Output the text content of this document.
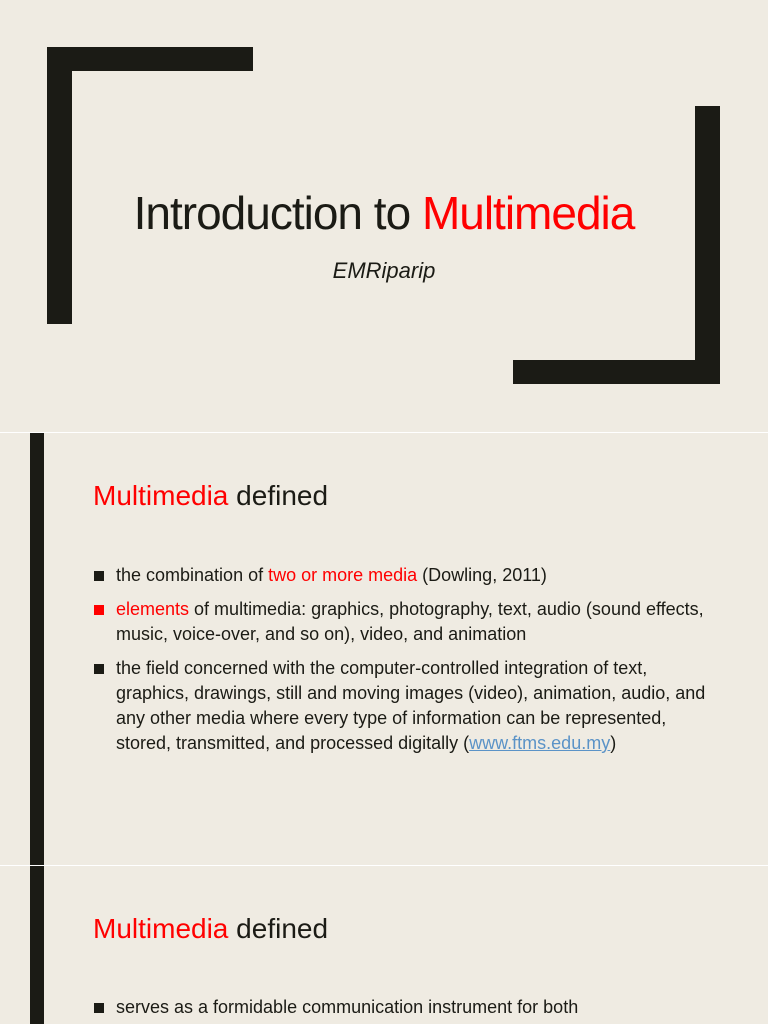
Introduction to Multimedia
EMRiparip
Multimedia defined
the combination of two or more media (Dowling, 2011)
elements of multimedia: graphics, photography, text, audio (sound effects, music, voice-over, and so on), video, and animation
the field concerned with the computer-controlled integration of text, graphics, drawings, still and moving images (video), animation, audio, and any other media where every type of information can be represented, stored, transmitted, and processed digitally (www.ftms.edu.my)
Multimedia defined
serves as a formidable communication instrument for both
